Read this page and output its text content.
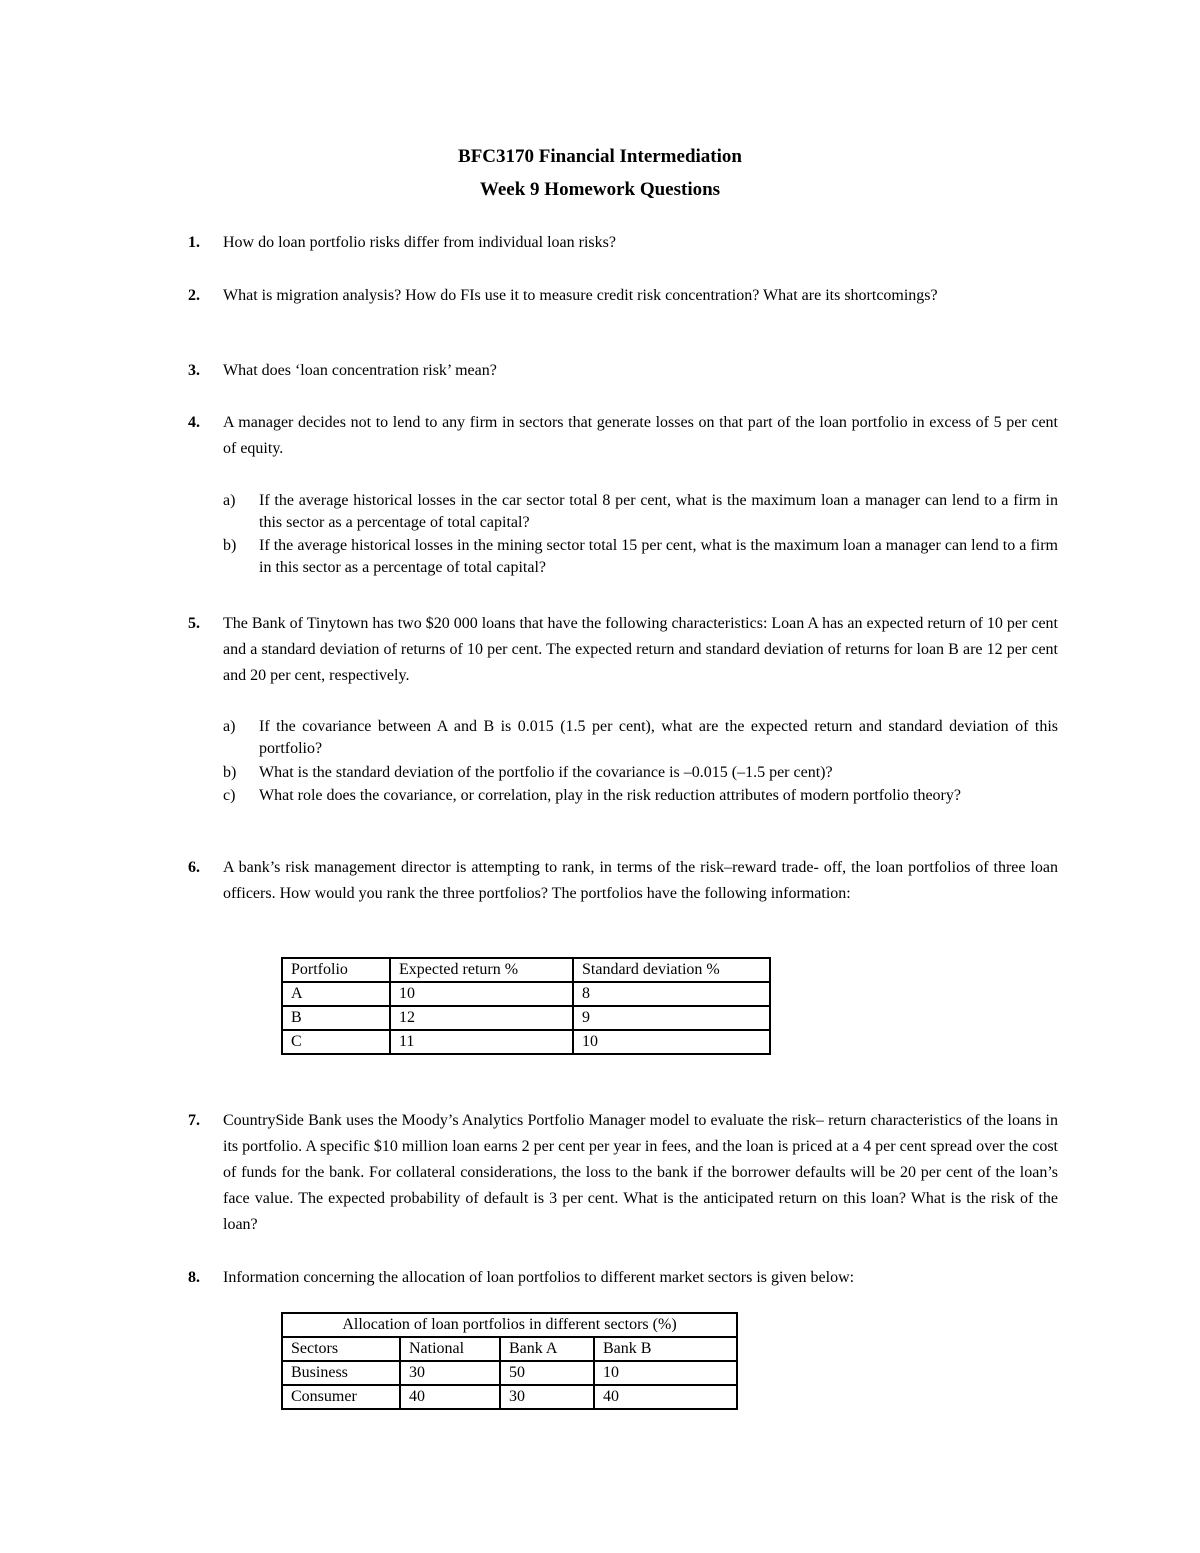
BFC3170 Financial Intermediation
Week 9 Homework Questions
1. How do loan portfolio risks differ from individual loan risks?
2. What is migration analysis? How do FIs use it to measure credit risk concentration? What are its shortcomings?
3. What does ‘loan concentration risk’ mean?
4. A manager decides not to lend to any firm in sectors that generate losses on that part of the loan portfolio in excess of 5 per cent of equity.
a) If the average historical losses in the car sector total 8 per cent, what is the maximum loan a manager can lend to a firm in this sector as a percentage of total capital?
b) If the average historical losses in the mining sector total 15 per cent, what is the maximum loan a manager can lend to a firm in this sector as a percentage of total capital?
5. The Bank of Tinytown has two $20 000 loans that have the following characteristics: Loan A has an expected return of 10 per cent and a standard deviation of returns of 10 per cent. The expected return and standard deviation of returns for loan B are 12 per cent and 20 per cent, respectively.
a) If the covariance between A and B is 0.015 (1.5 per cent), what are the expected return and standard deviation of this portfolio?
b) What is the standard deviation of the portfolio if the covariance is –0.015 (–1.5 per cent)?
c) What role does the covariance, or correlation, play in the risk reduction attributes of modern portfolio theory?
6. A bank’s risk management director is attempting to rank, in terms of the risk–reward trade- off, the loan portfolios of three loan officers. How would you rank the three portfolios? The portfolios have the following information:
Portfolio	Expected return %	Standard deviation %
A	10	8
B	12	9
C	11	10
7. CountrySide Bank uses the Moody’s Analytics Portfolio Manager model to evaluate the risk– return characteristics of the loans in its portfolio. A specific $10 million loan earns 2 per cent per year in fees, and the loan is priced at a 4 per cent spread over the cost of funds for the bank. For collateral considerations, the loss to the bank if the borrower defaults will be 20 per cent of the loan’s face value. The expected probability of default is 3 per cent. What is the anticipated return on this loan? What is the risk of the loan?
8. Information concerning the allocation of loan portfolios to different market sectors is given below:
Allocation of loan portfolios in different sectors (%)			
Sectors	National	Bank A	Bank B
Business	30	50	10
Consumer	40	30	40
